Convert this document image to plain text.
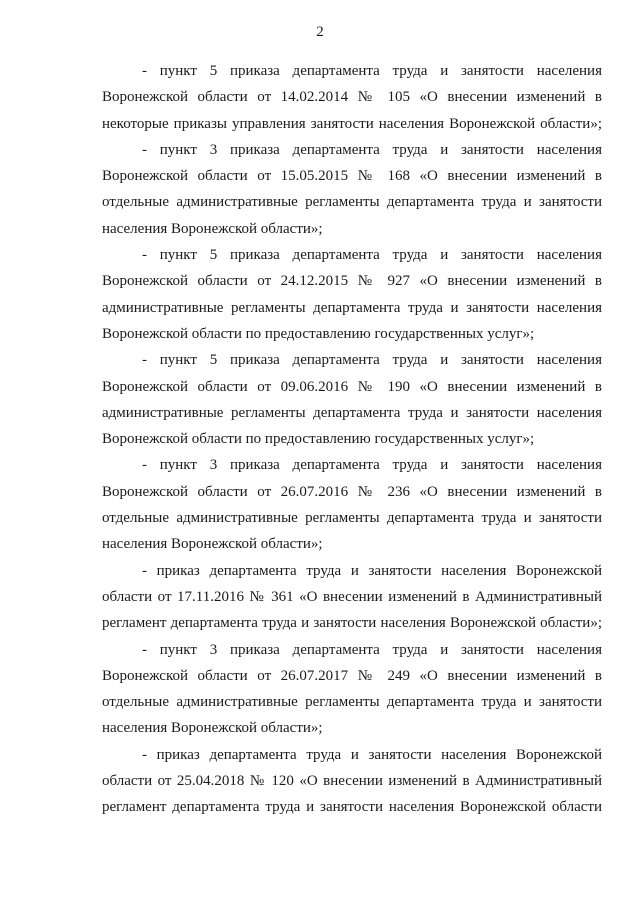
2

- пункт 5 приказа департамента труда и занятости населения
Воронежской области от 14.02.2014 № 105 «О внесении изменений в
некоторые приказы управления занятости населения Воронежской области»;

- пункт 3 приказа департамента труда и занятости населения
Воронежской области от 15.05.2015 № 168 «О внесении изменений в
отдельные административные регламенты департамента труда и занятости
населения Воронежской области»;

- пункт 5 приказа департамента труда и занятости населения
Воронежской области от 24.12.2015 № 927 «О внесении изменений в
административные регламенты департамента труда и занятости населения
Воронежской области по предоставлению государственных услуг»;

- пункт 5 приказа департамента труда и занятости населения
Воронежской области от 09.06.2016 № 190 «О внесении изменений в
административные регламенты департамента труда и занятости населения
Воронежской области по предоставлению государственных услуг»;

- пункт 3 приказа департамента труда и занятости населения
Воронежской области от 26.07.2016 № 236 «О внесении изменений в
отдельные административные регламенты департамента труда и занятости
населения Воронежской области»;

- приказ департамента труда и занятости населения Воронежской
области от 17.11.2016 № 361 «О внесении изменений в Административный
регламент департамента труда и занятости населения Воронежской области»;

- пункт 3 приказа департамента труда и занятости населения
Воронежской области от 26.07.2017 № 249 «О внесении изменений в
отдельные административные регламенты департамента труда и занятости
населения Воронежской области»;

- приказ департамента труда и занятости населения Воронежской
области от 25.04.2018 № 120 «О внесении изменений в Административный
регламент департамента труда и занятости населения Воронежской области
